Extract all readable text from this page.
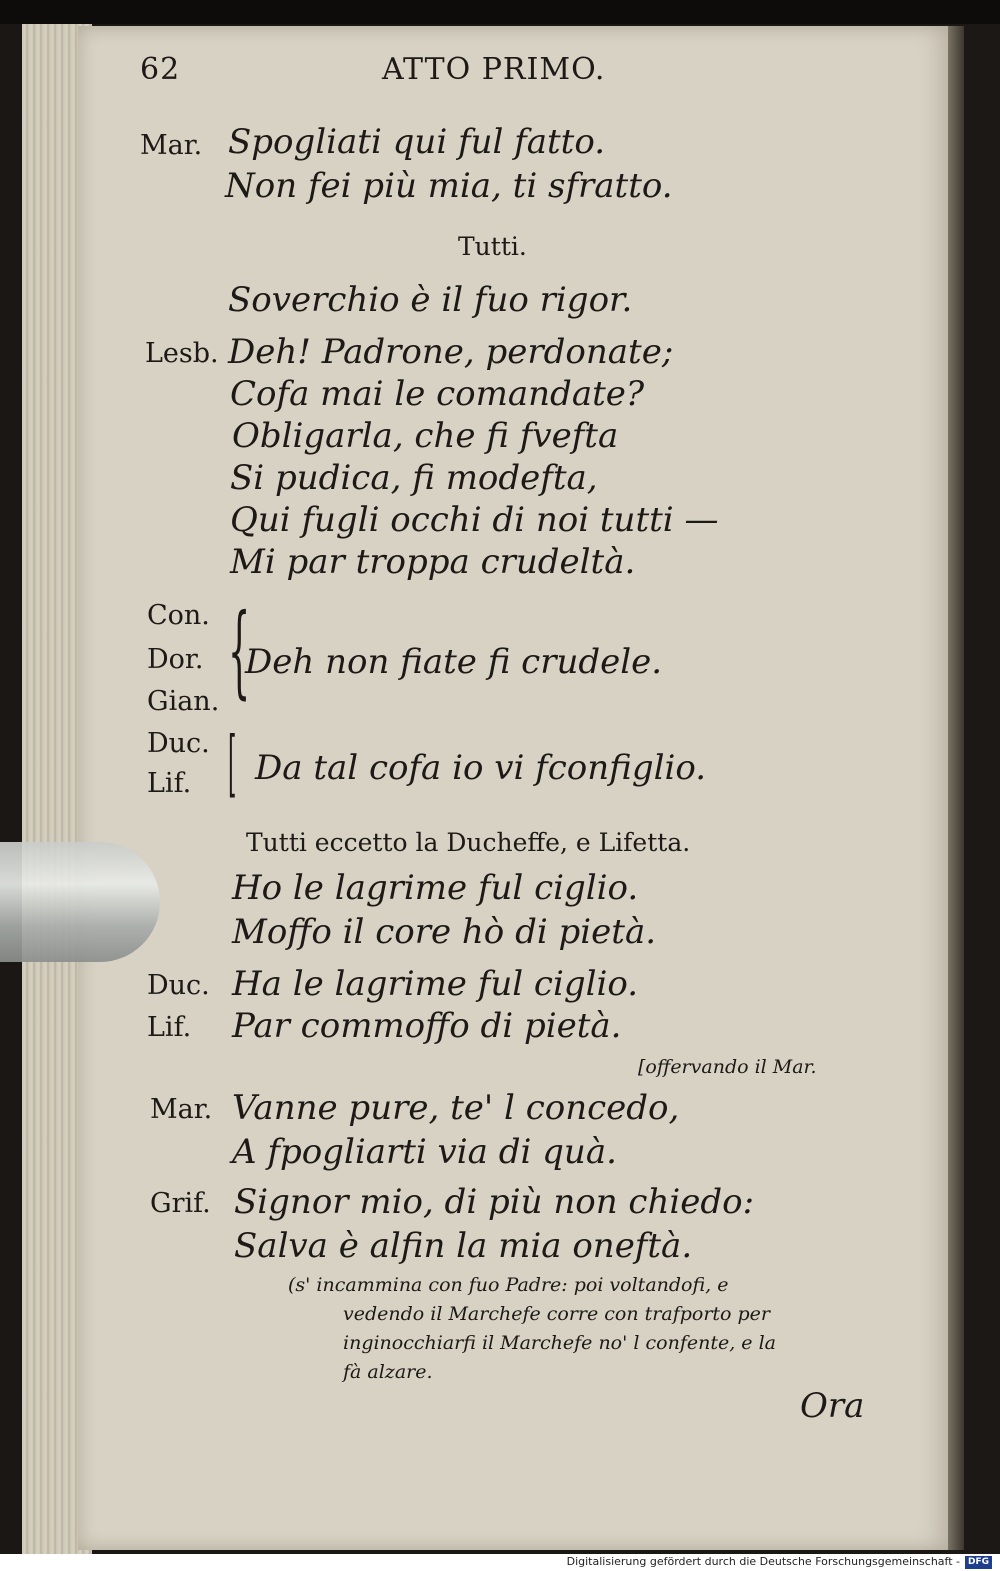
62	ATTO PRIMO.
Mar. Spogliati qui ful fatto.
Non fei più mia, ti sfratto.
Tutti.
Soverchio è il fuo rigor.
Lesb. Deh! Padrone, perdonate;
Cofa mai le comandate?
Obligarla, che fi fvefta
Si pudica, fi modefta,
Qui fugli occhi di noi tutti —
Mi par troppa crudeltà.
Con.
Dor.
Gian. {
Deh non fiate fi crudele.
Duc.
Lif. [ Da tal cofa io vi fconfiglio.
Tutti eccetto la Ducheffe, e Lifetta.
Ho le lagrime ful ciglio.
Moffo il core hò di pietà.
Duc. Ha le lagrime ful ciglio.
Lif. Par commoffo di pietà.
[offervando il Mar.
Mar. Vanne pure, te' l concedo,
A fpogliarti via di quà.
Grif. Signor mio, di più non chiedo:
Salva è alfin la mia oneftà.
(s' incammina con fuo Padre: poi voltandofi, e
vedendo il Marchefe corre con trafporto per
inginocchiarfi il Marchefe no' l confente, e la
fà alzare.
Ora
Digitalisierung gefördert durch die Deutsche Forschungsgemeinschaft - DFG
